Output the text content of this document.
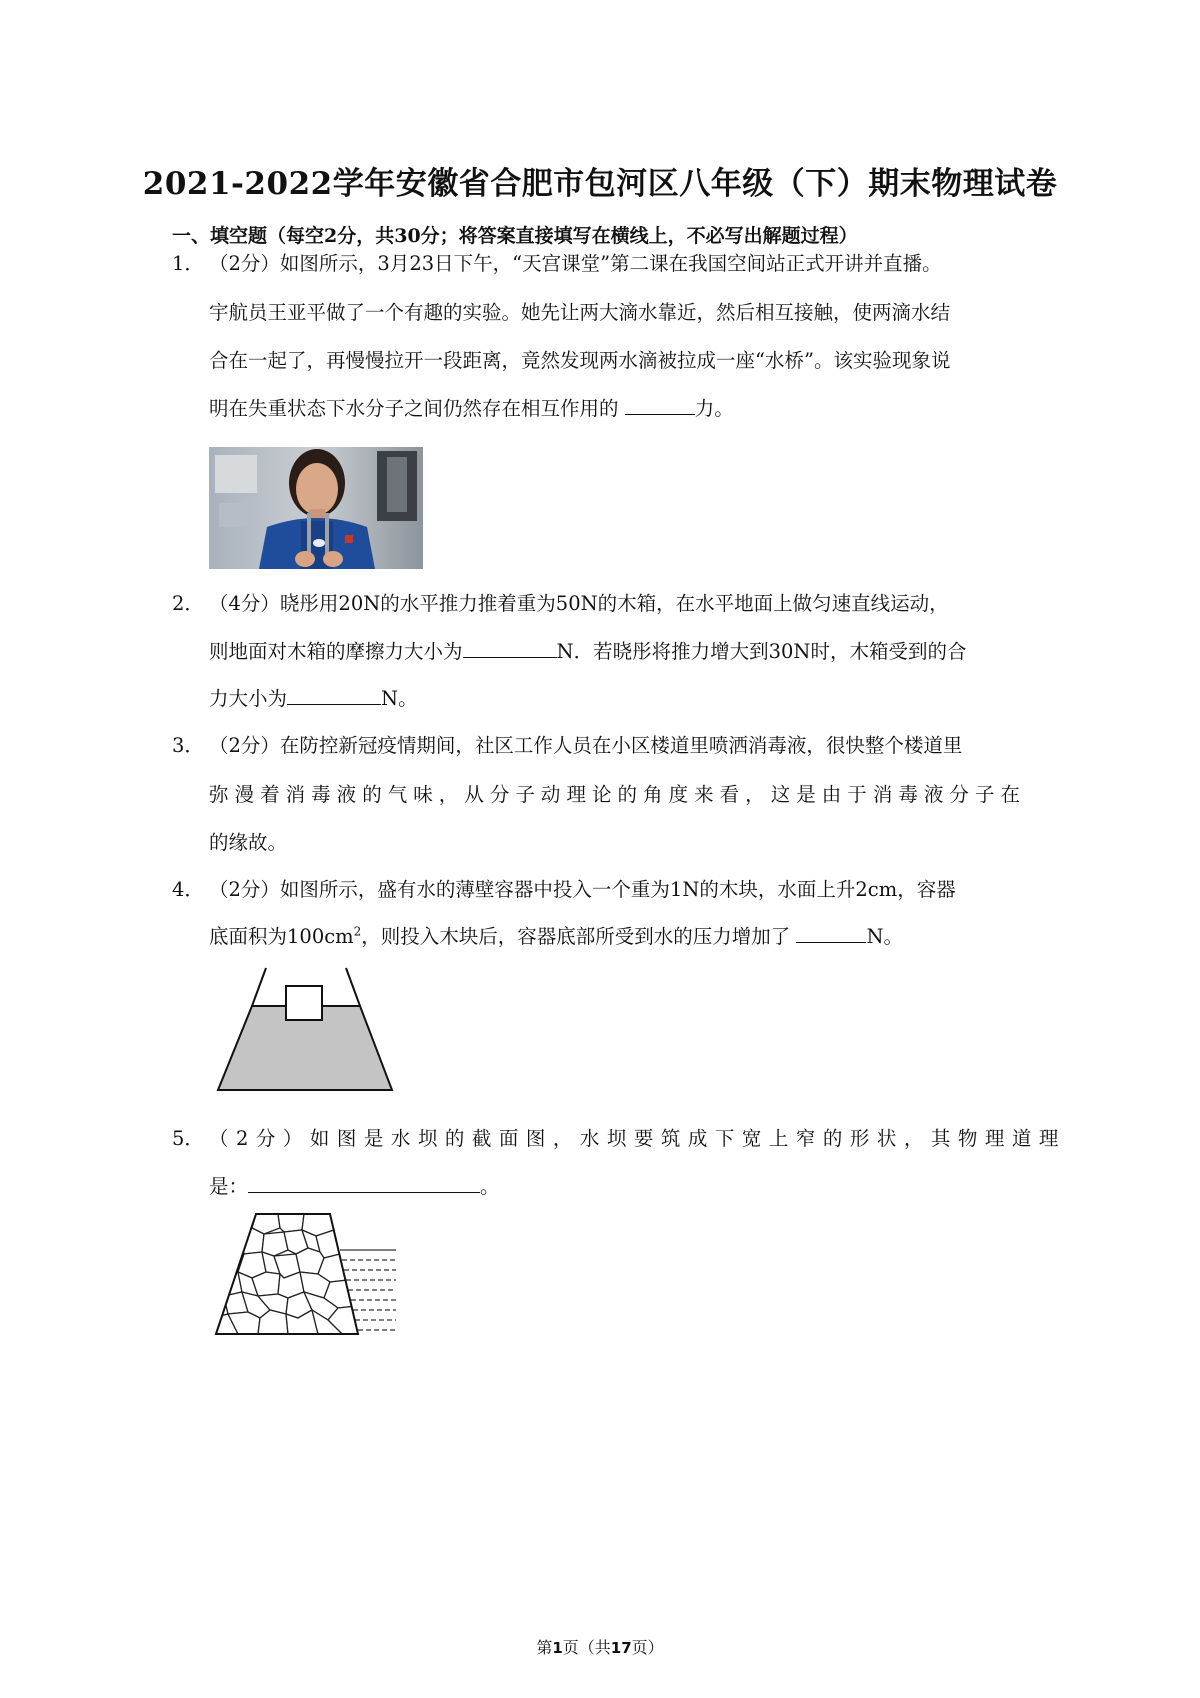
2021-2022学年安徽省合肥市包河区八年级（下）期末物理试卷
一、填空题（每空2分，共30分；将答案直接填写在横线上，不必写出解题过程）
1． （2分）如图所示，3月23日下午，“天宫课堂”第二课在我国空间站正式开讲并直播。
宇航员王亚平做了一个有趣的实验。她先让两大滴水靠近，然后相互接触，使两滴水结
合在一起了，再慢慢拉开一段距离，竟然发现两水滴被拉成一座“水桥”。该实验现象说
明在失重状态下水分子之间仍然存在相互作用的	力。
2． （4分）晓彤用20N的水平推力推着重为50N的木箱，在水平地面上做匀速直线运动，
则地面对木箱的摩擦力大小为	N．若晓彤将推力增大到30N时，木箱受到的合
力大小为	N。
3． （2分）在防控新冠疫情期间，社区工作人员在小区楼道里喷洒消毒液，很快整个楼道里
弥漫着消毒液的气味，从分子动理论的角度来看，这是由于消毒液分子在
的缘故。
4． （2分）如图所示，盛有水的薄壁容器中投入一个重为1N的木块，水面上升2cm，容器
底面积为$100cm^2$，则投入木块后，容器底部所受到水的压力增加了	N。
5． （2分）如图是水坝的截面图，水坝要筑成下宽上窄的形状，其物理道理
是：	。
第1页（共17页）
